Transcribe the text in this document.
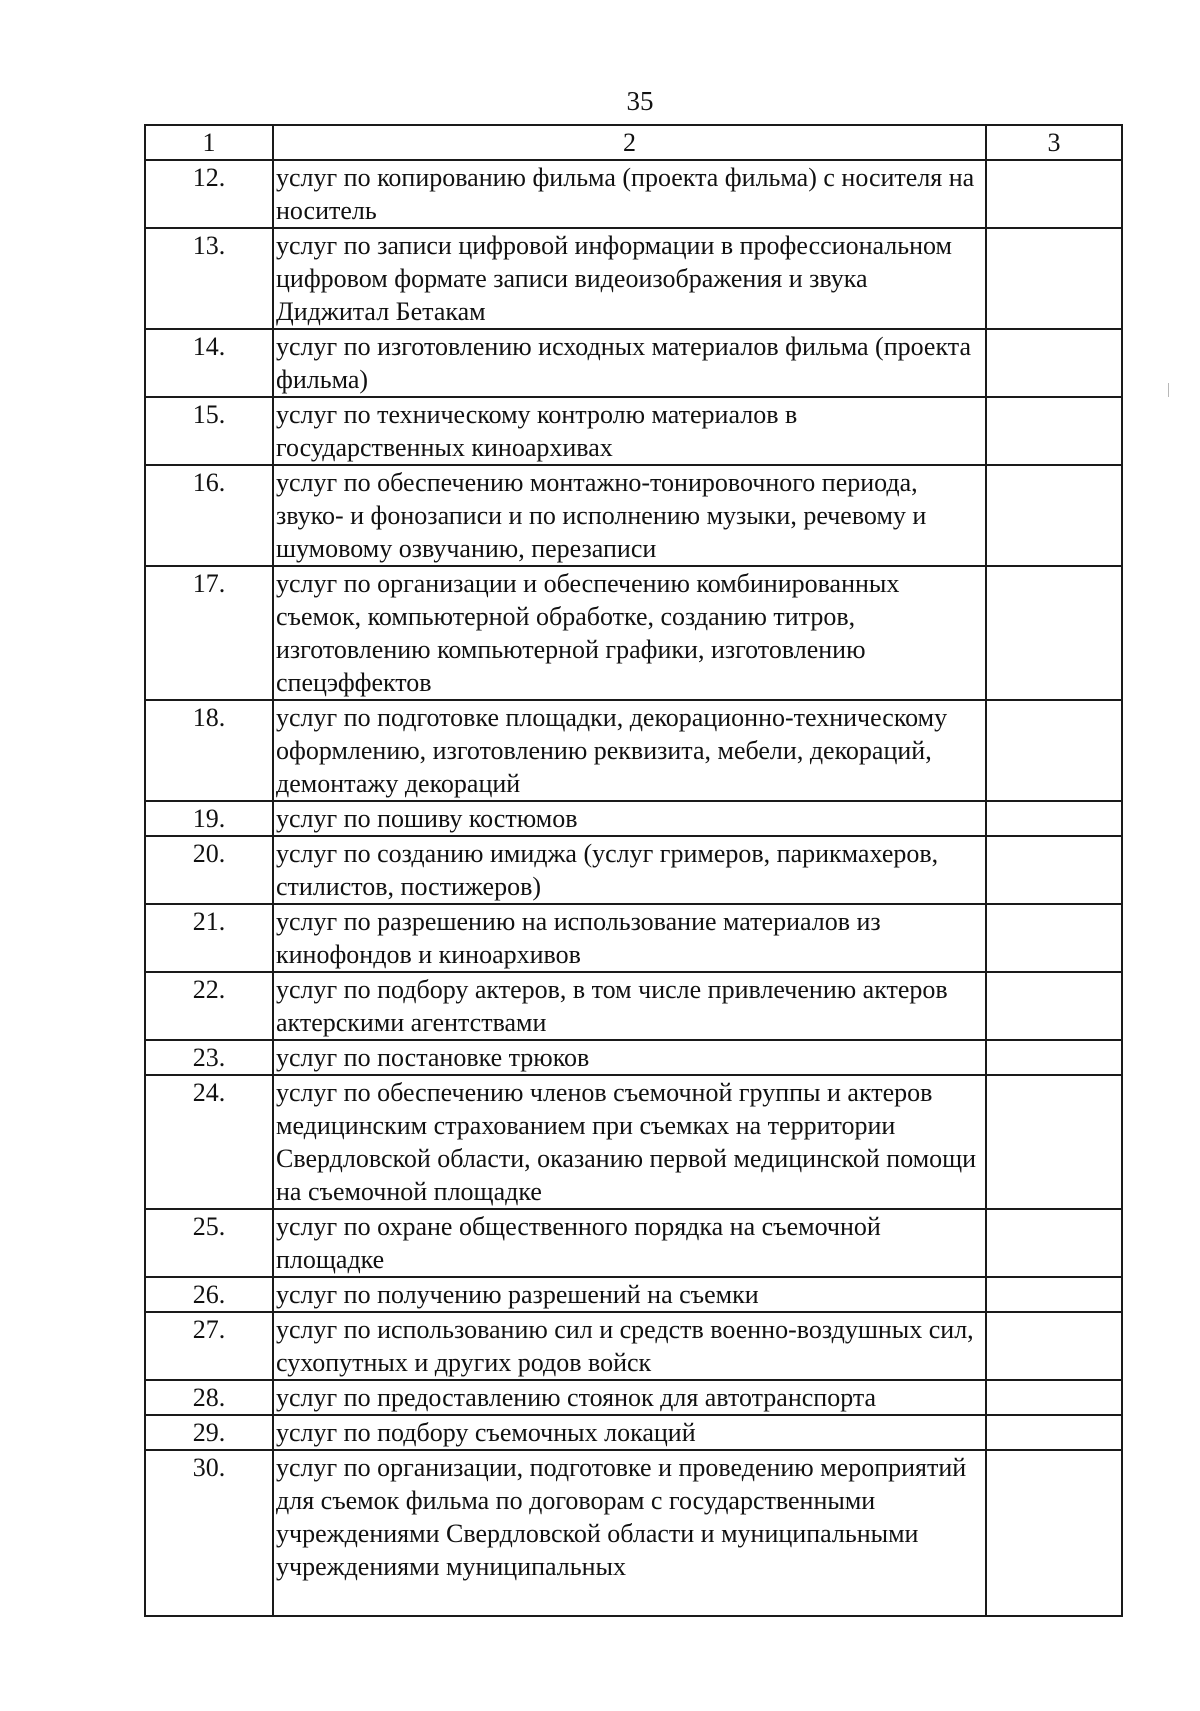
35
1	2	3
12.	услуг по копированию фильма (проекта фильма) с носителя на носитель	
13.	услуг по записи цифровой информации в профессиональном цифровом формате записи видеоизображения и звука Диджитал Бетакам	
14.	услуг по изготовлению исходных материалов фильма (проекта фильма)	
15.	услуг по техническому контролю материалов в государственных киноархивах	
16.	услуг по обеспечению монтажно-тонировочного периода, звуко- и фонозаписи и по исполнению музыки, речевому и шумовому озвучанию, перезаписи	
17.	услуг по организации и обеспечению комбинированных съемок, компьютерной обработке, созданию титров, изготовлению компьютерной графики, изготовлению спецэффектов	
18.	услуг по подготовке площадки, декорационно-техническому оформлению, изготовлению реквизита, мебели, декораций, демонтажу декораций	
19.	услуг по пошиву костюмов	
20.	услуг по созданию имиджа (услуг гримеров, парикмахеров, стилистов, постижеров)	
21.	услуг по разрешению на использование материалов из кинофондов и киноархивов	
22.	услуг по подбору актеров, в том числе привлечению актеров актерскими агентствами	
23.	услуг по постановке трюков	
24.	услуг по обеспечению членов съемочной группы и актеров медицинским страхованием при съемках на территории Свердловской области, оказанию первой медицинской помощи на съемочной площадке	
25.	услуг по охране общественного порядка на съемочной площадке	
26.	услуг по получению разрешений на съемки	
27.	услуг по использованию сил и средств военно-воздушных сил, сухопутных и других родов войск	
28.	услуг по предоставлению стоянок для автотранспорта	
29.	услуг по подбору съемочных локаций	
30.	услуг по организации, подготовке и проведению мероприятий для съемок фильма по договорам с государственными учреждениями Свердловской области и муниципальными учреждениями муниципальных	
